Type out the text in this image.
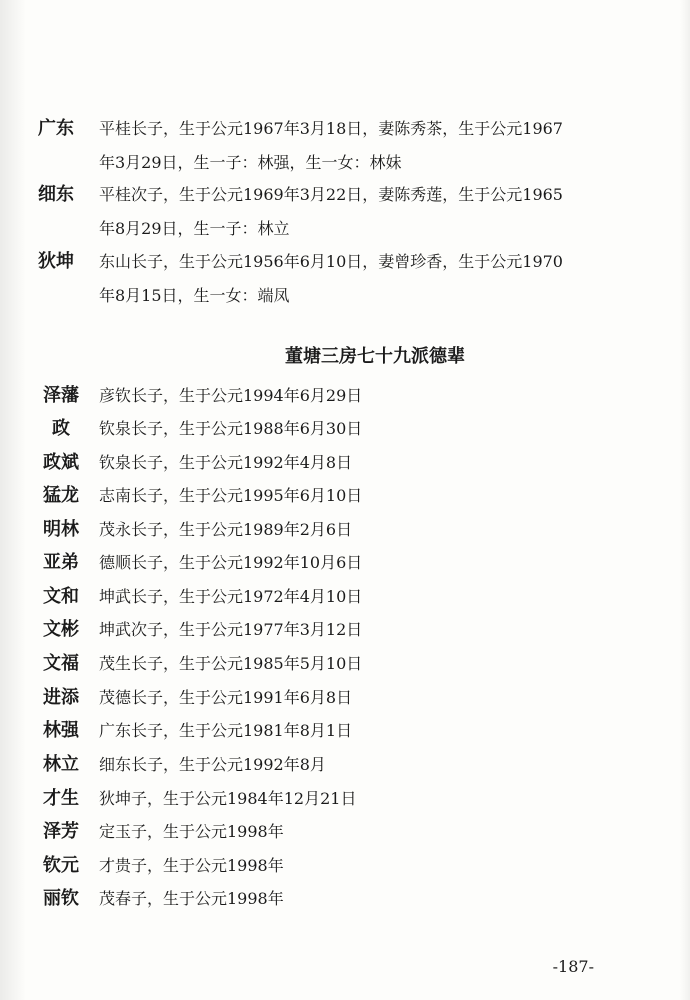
广东	平桂长子，生于公元1967年3月18日，妻陈秀茶，生于公元1967
年3月29日，生一子：林强，生一女：林妹
细东	平桂次子，生于公元1969年3月22日，妻陈秀莲，生于公元1965
年8月29日，生一子：林立
狄坤	东山长子，生于公元1956年6月10日，妻曾珍香，生于公元1970
年8月15日，生一女：端凤
董塘三房七十九派德辈
泽藩	彦钦长子，生于公元1994年6月29日
政	钦泉长子，生于公元1988年6月30日
政斌	钦泉长子，生于公元1992年4月8日
猛龙	志南长子，生于公元1995年6月10日
明林	茂永长子，生于公元1989年2月6日
亚弟	德顺长子，生于公元1992年10月6日
文和	坤武长子，生于公元1972年4月10日
文彬	坤武次子，生于公元1977年3月12日
文福	茂生长子，生于公元1985年5月10日
进添	茂德长子，生于公元1991年6月8日
林强	广东长子，生于公元1981年8月1日
林立	细东长子，生于公元1992年8月
才生	狄坤子，生于公元1984年12月21日
泽芳	定玉子，生于公元1998年
钦元	才贵子，生于公元1998年
丽钦	茂春子，生于公元1998年
-187-
